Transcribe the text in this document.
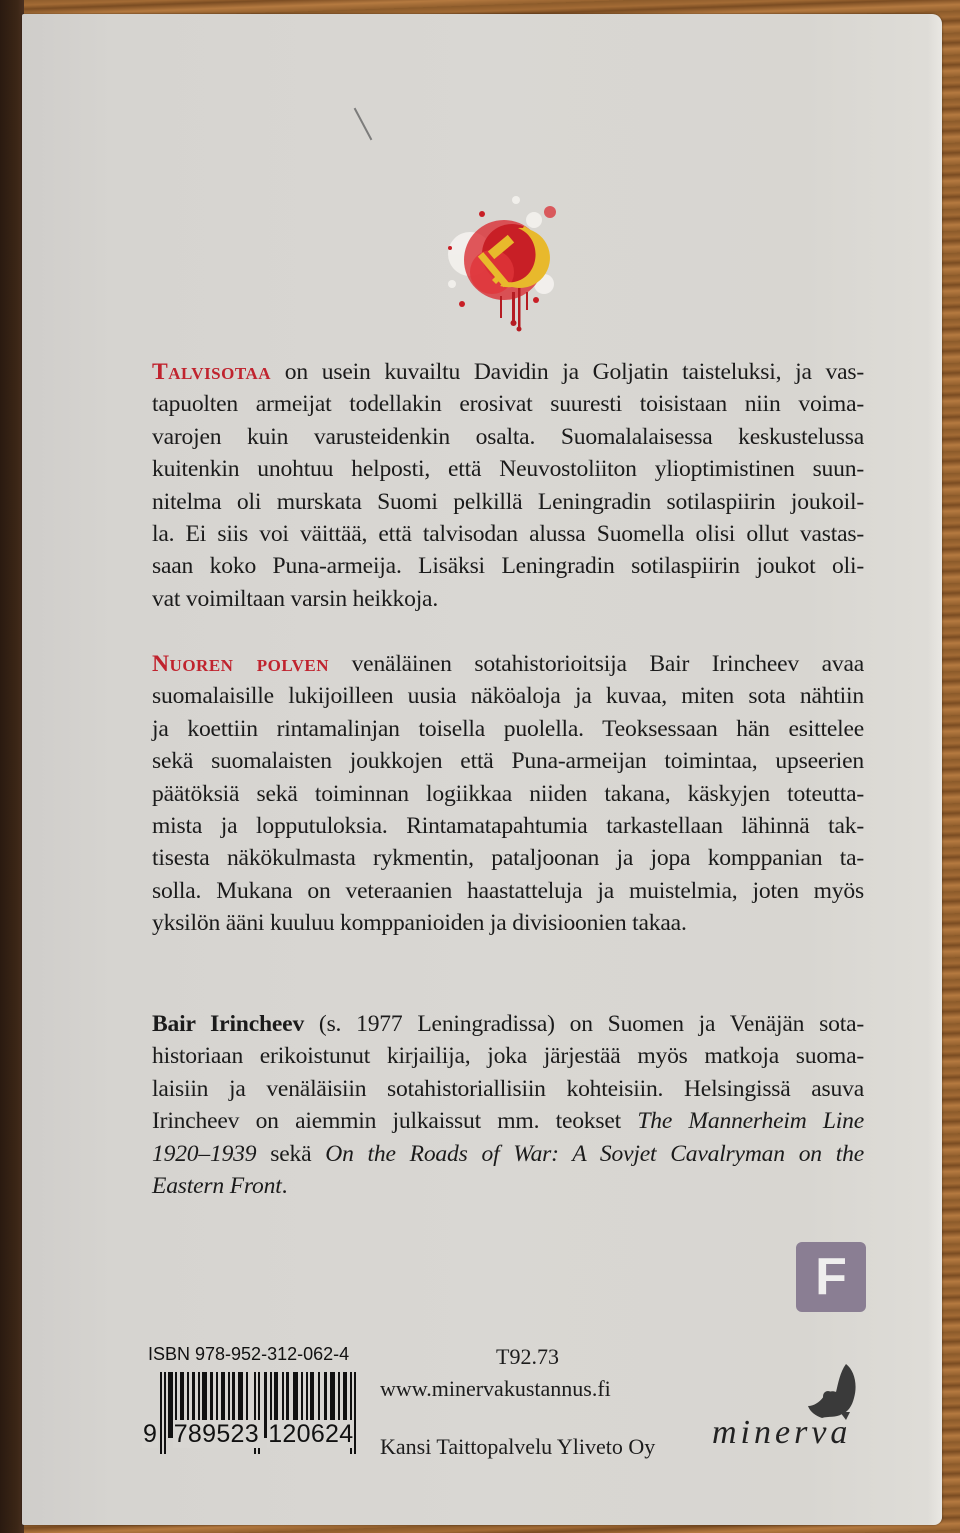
Talvisotaa on usein kuvailtu Davidin ja Goljatin taisteluksi, ja vas-
tapuolten armeijat todellakin erosivat suuresti toisistaan niin voima-
varojen kuin varusteidenkin osalta. Suomalalaisessa keskustelussa
kuitenkin unohtuu helposti, että Neuvostoliiton ylioptimistinen suun-
nitelma oli murskata Suomi pelkillä Leningradin sotilaspiirin joukoil-
la. Ei siis voi väittää, että talvisodan alussa Suomella olisi ollut vastas-
saan koko Puna-armeija. Lisäksi Leningradin sotilaspiirin joukot oli-
vat voimiltaan varsin heikkoja.
Nuoren polven venäläinen sotahistorioitsija Bair Irincheev avaa
suomalaisille lukijoilleen uusia näköaloja ja kuvaa, miten sota nähtiin
ja koettiin rintamalinjan toisella puolella. Teoksessaan hän esittelee
sekä suomalaisten joukkojen että Puna-armeijan toimintaa, upseerien
päätöksiä sekä toiminnan logiikkaa niiden takana, käskyjen toteutta-
mista ja lopputuloksia. Rintamatapahtumia tarkastellaan lähinnä tak-
tisesta näkökulmasta rykmentin, pataljoonan ja jopa komppanian ta-
solla. Mukana on veteraanien haastatteluja ja muistelmia, joten myös
yksilön ääni kuuluu komppanioiden ja divisioonien takaa.
Bair Irincheev (s. 1977 Leningradissa) on Suomen ja Venäjän sota-
historiaan erikoistunut kirjailija, joka järjestää myös matkoja suoma-
laisiin ja venäläisiin sotahistoriallisiin kohteisiin. Helsingissä asuva
Irincheev on aiemmin julkaissut mm. teokset The Mannerheim Line
1920–1939 sekä On the Roads of War: A Sovjet Cavalryman on the
Eastern Front.
F
ISBN 978-952-312-062-4
9 789523 120624
T92.73
www.minervakustannus.fi
Kansi Taittopalvelu Yliveto Oy minerva
